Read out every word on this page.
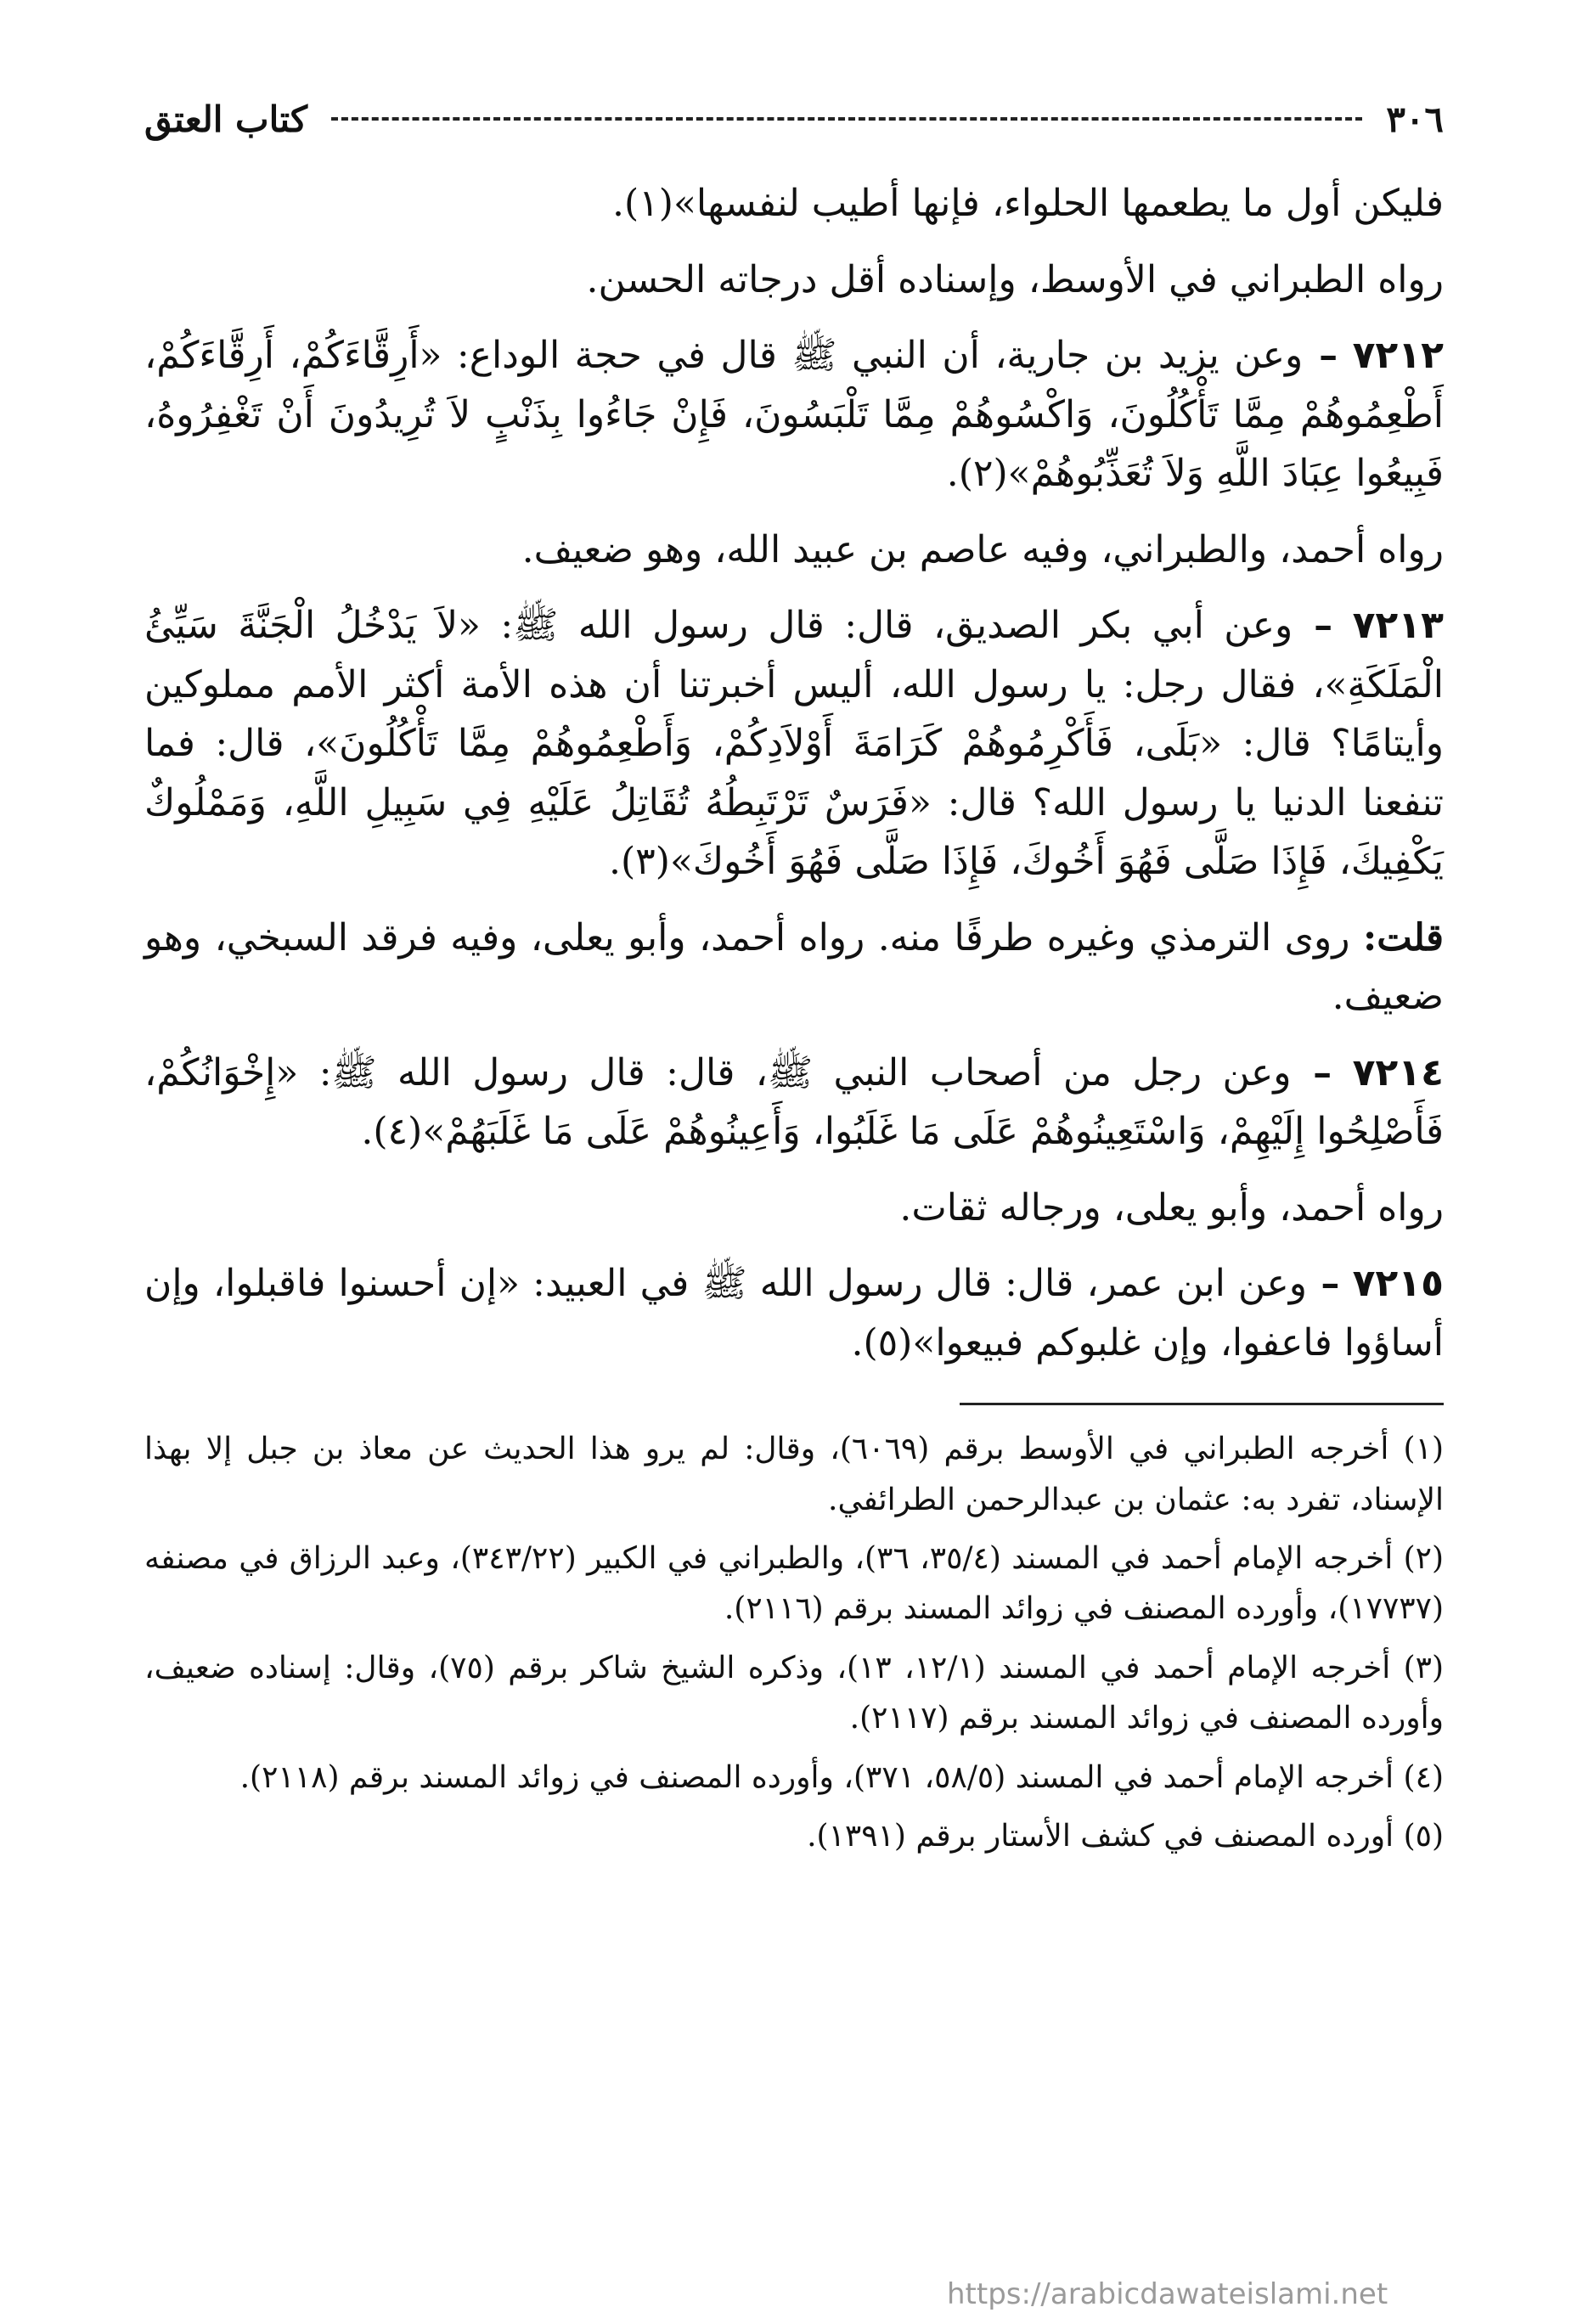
٣٠٦
كتاب العتق

فليكن أول ما يطعمها الحلواء، فإنها أطيب لنفسها»(١).

رواه الطبراني في الأوسط، وإسناده أقل درجاته الحسن.

٧٢١٢ – وعن يزيد بن جارية، أن النبي ﷺ قال في حجة الوداع: «أَرِقَّاءَكُمْ، أَرِقَّاءَكُمْ، أَطْعِمُوهُمْ مِمَّا تَأْكُلُونَ، وَاكْسُوهُمْ مِمَّا تَلْبَسُونَ، فَإِنْ جَاءُوا بِذَنْبٍ لاَ تُرِيدُونَ أَنْ تَغْفِرُوهُ، فَبِيعُوا عِبَادَ اللَّهِ وَلاَ تُعَذِّبُوهُمْ»(٢).

رواه أحمد، والطبراني، وفيه عاصم بن عبيد الله، وهو ضعيف.

٧٢١٣ – وعن أبي بكر الصديق، قال: قال رسول الله ﷺ: «لاَ يَدْخُلُ الْجَنَّةَ سَيِّئُ الْمَلَكَةِ»، فقال رجل: يا رسول الله، أليس أخبرتنا أن هذه الأمة أكثر الأمم مملوكين وأيتامًا؟ قال: «بَلَى، فَأَكْرِمُوهُمْ كَرَامَةَ أَوْلاَدِكُمْ، وَأَطْعِمُوهُمْ مِمَّا تَأْكُلُونَ»، قال: فما تنفعنا الدنيا يا رسول الله؟ قال: «فَرَسٌ تَرْتَبِطُهُ تُقَاتِلُ عَلَيْهِ فِي سَبِيلِ اللَّهِ، وَمَمْلُوكٌ يَكْفِيكَ، فَإِذَا صَلَّى فَهُوَ أَخُوكَ، فَإِذَا صَلَّى فَهُوَ أَخُوكَ»(٣).

قلت: روى الترمذي وغيره طرفًا منه. رواه أحمد، وأبو يعلى، وفيه فرقد السبخي، وهو ضعيف.

٧٢١٤ – وعن رجل من أصحاب النبي ﷺ، قال: قال رسول الله ﷺ: «إِخْوَانُكُمْ، فَأَصْلِحُوا إِلَيْهِمْ، وَاسْتَعِينُوهُمْ عَلَى مَا غَلَبُوا، وَأَعِينُوهُمْ عَلَى مَا غَلَبَهُمْ»(٤).

رواه أحمد، وأبو يعلى، ورجاله ثقات.

٧٢١٥ – وعن ابن عمر، قال: قال رسول الله ﷺ في العبيد: «إن أحسنوا فاقبلوا، وإن أساؤوا فاعفوا، وإن غلبوكم فبيعوا»(٥).

(١) أخرجه الطبراني في الأوسط برقم (٦٠٦٩)، وقال: لم يرو هذا الحديث عن معاذ بن جبل إلا بهذا الإسناد، تفرد به: عثمان بن عبدالرحمن الطرائفي.

(٢) أخرجه الإمام أحمد في المسند (٣٥/٤، ٣٦)، والطبراني في الكبير (٣٤٣/٢٢)، وعبد الرزاق في مصنفه (١٧٧٣٧)، وأورده المصنف في زوائد المسند برقم (٢١١٦).

(٣) أخرجه الإمام أحمد في المسند (١٢/١، ١٣)، وذكره الشيخ شاكر برقم (٧٥)، وقال: إسناده ضعيف، وأورده المصنف في زوائد المسند برقم (٢١١٧).

(٤) أخرجه الإمام أحمد في المسند (٥٨/٥، ٣٧١)، وأورده المصنف في زوائد المسند برقم (٢١١٨).

(٥) أورده المصنف في كشف الأستار برقم (١٣٩١).

https://arabicdawateislami.net
